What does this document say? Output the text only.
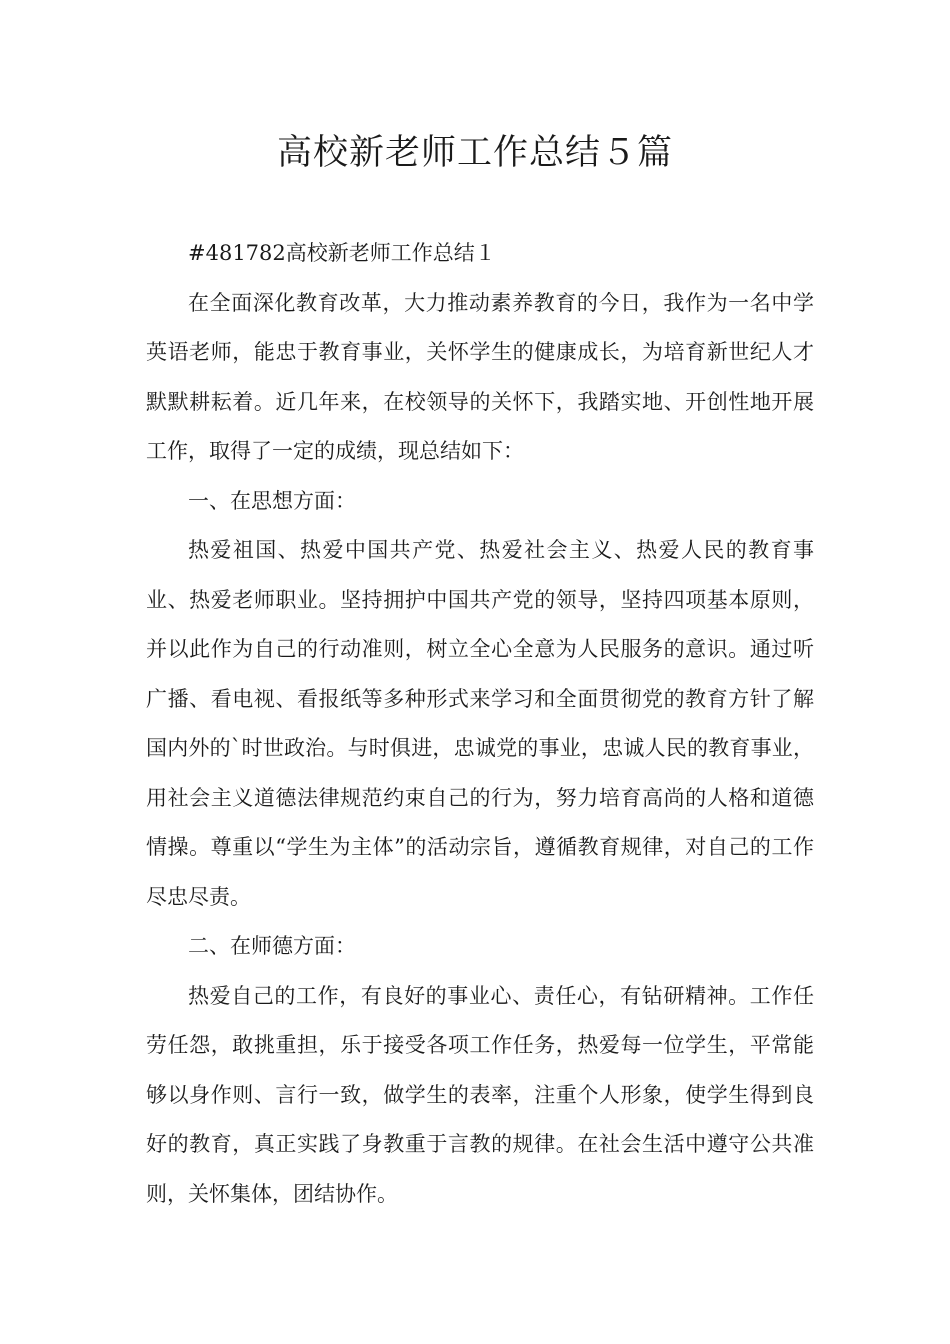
高校新老师工作总结５篇

#481782高校新老师工作总结１

在全面深化教育改革，大力推动素养教育的今日，我作为一名中学英语老师，能忠于教育事业，关怀学生的健康成长，为培育新世纪人才默默耕耘着。近几年来，在校领导的关怀下，我踏实地、开创性地开展工作，取得了一定的成绩，现总结如下：

一、在思想方面：

热爱祖国、热爱中国共产党、热爱社会主义、热爱人民的教育事业、热爱老师职业。坚持拥护中国共产党的领导，坚持四项基本原则，并以此作为自己的行动准则，树立全心全意为人民服务的意识。通过听广播、看电视、看报纸等多种形式来学习和全面贯彻党的教育方针了解国内外的`时世政治。与时俱进，忠诚党的事业，忠诚人民的教育事业，用社会主义道德法律规范约束自己的行为，努力培育高尚的人格和道德情操。尊重以“学生为主体”的活动宗旨，遵循教育规律，对自己的工作尽忠尽责。

二、在师德方面：

热爱自己的工作，有良好的事业心、责任心，有钻研精神。工作任劳任怨，敢挑重担，乐于接受各项工作任务，热爱每一位学生，平常能够以身作则、言行一致，做学生的表率，注重个人形象，使学生得到良好的教育，真正实践了身教重于言教的规律。在社会生活中遵守公共准则，关怀集体，团结协作。
